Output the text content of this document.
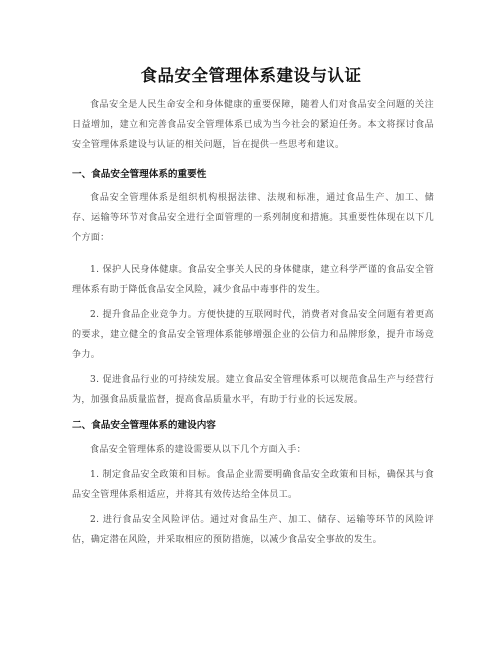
食品安全管理体系建设与认证

食品安全是人民生命安全和身体健康的重要保障，随着人们对食品安全问题的关注日益增加，建立和完善食品安全管理体系已成为当今社会的紧迫任务。本文将探讨食品安全管理体系建设与认证的相关问题，旨在提供一些思考和建议。

一、食品安全管理体系的重要性

食品安全管理体系是组织机构根据法律、法规和标准，通过食品生产、加工、储存、运输等环节对食品安全进行全面管理的一系列制度和措施。其重要性体现在以下几个方面：

1. 保护人民身体健康。食品安全事关人民的身体健康，建立科学严谨的食品安全管理体系有助于降低食品安全风险，减少食品中毒事件的发生。

2. 提升食品企业竞争力。方便快捷的互联网时代，消费者对食品安全问题有着更高的要求，建立健全的食品安全管理体系能够增强企业的公信力和品牌形象，提升市场竞争力。

3. 促进食品行业的可持续发展。建立食品安全管理体系可以规范食品生产与经营行为，加强食品质量监督，提高食品质量水平，有助于行业的长远发展。

二、食品安全管理体系的建设内容

食品安全管理体系的建设需要从以下几个方面入手：

1. 制定食品安全政策和目标。食品企业需要明确食品安全政策和目标，确保其与食品安全管理体系相适应，并将其有效传达给全体员工。

2. 进行食品安全风险评估。通过对食品生产、加工、储存、运输等环节的风险评估，确定潜在风险，并采取相应的预防措施，以减少食品安全事故的发生。
